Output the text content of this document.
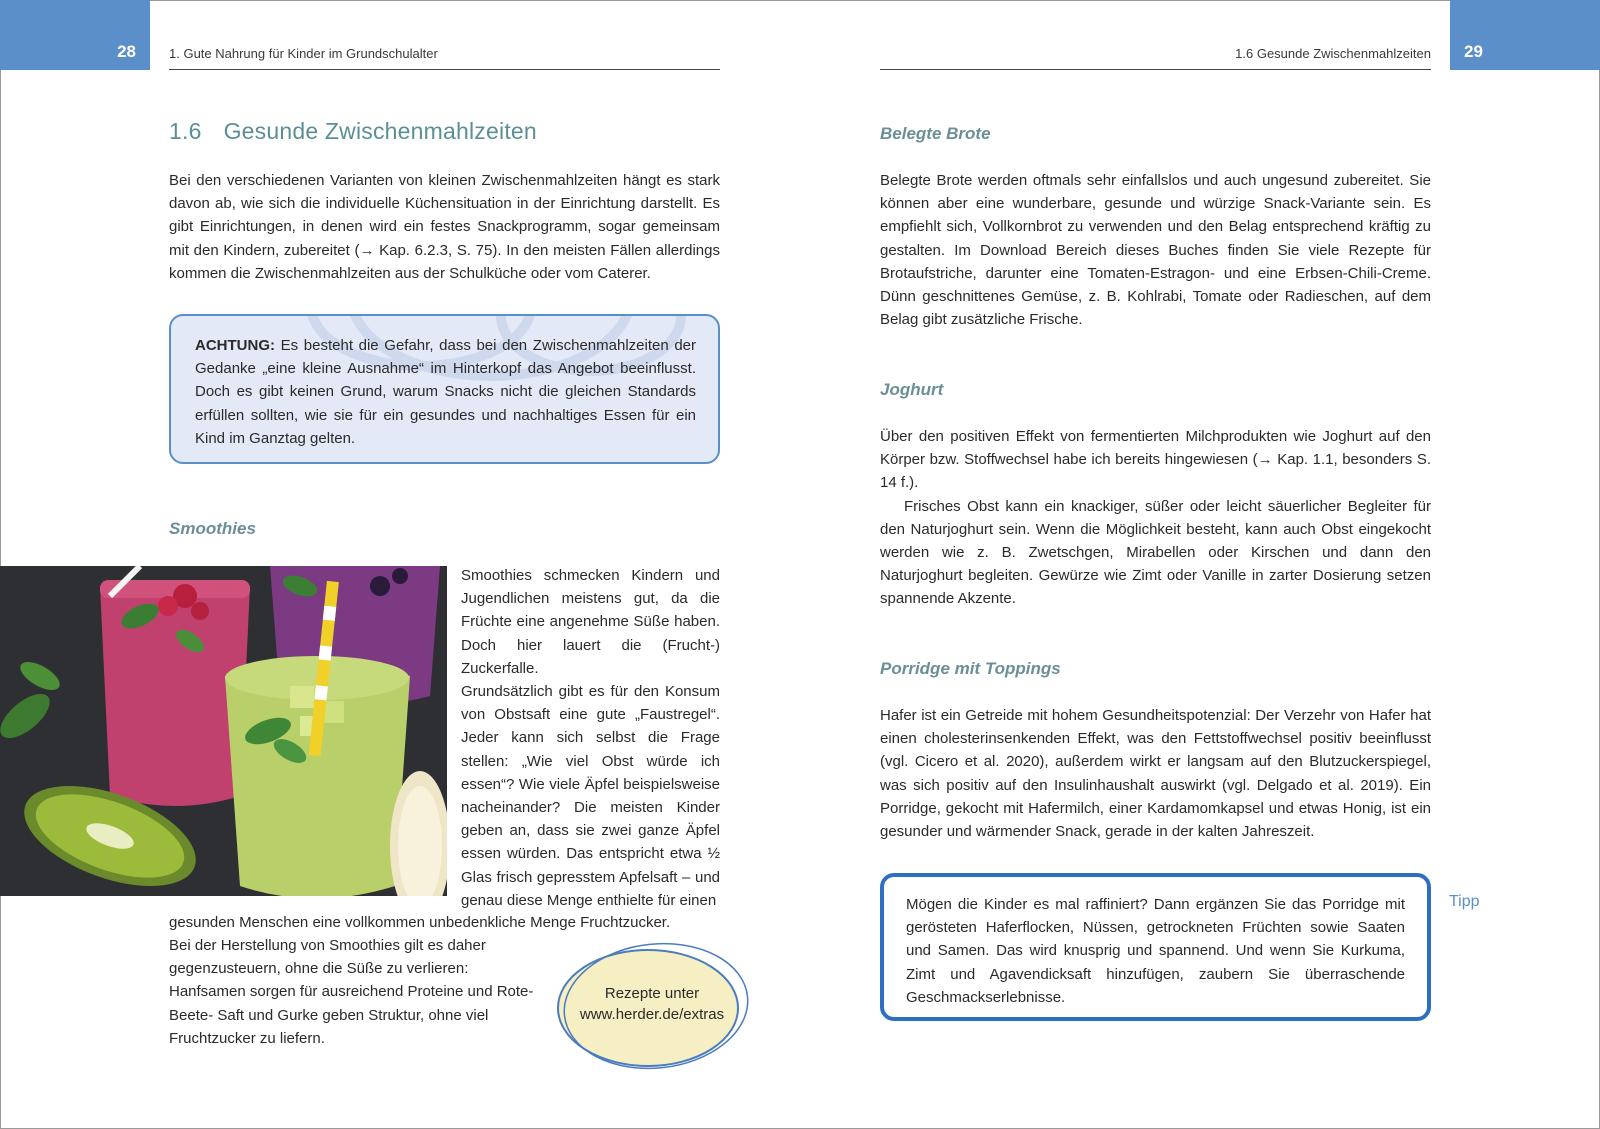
28	1. Gute Nahrung für Kinder im Grundschulalter
1.6 Gesunde Zwischenmahlzeiten

Bei den verschiedenen Varianten von kleinen Zwischenmahlzeiten hängt es stark davon ab, wie sich die individuelle Küchensituation in der Einrichtung darstellt. Es gibt Einrichtungen, in denen wird ein festes Snackprogramm, sogar gemeinsam mit den Kindern, zubereitet (→ Kap. 6.2.3, S. 75). In den meisten Fällen allerdings kommen die Zwischenmahlzeiten aus der Schulküche oder vom Caterer.

ACHTUNG: Es besteht die Gefahr, dass bei den Zwischenmahlzeiten der Gedanke „eine kleine Ausnahme“ im Hinterkopf das Angebot beeinflusst. Doch es gibt keinen Grund, warum Snacks nicht die gleichen Standards erfüllen sollten, wie sie für ein gesundes und nachhaltiges Essen für ein Kind im Ganztag gelten.
Smoothies

Smoothies schmecken Kindern und Jugendlichen meistens gut, da die Früchte eine angenehme Süße haben. Doch hier lauert die (Frucht-) Zuckerfalle.

Grundsätzlich gibt es für den Konsum von Obstsaft eine gute „Faustregel“. Jeder kann sich selbst die Frage stellen: „Wie viel Obst würde ich essen“? Wie viele Äpfel beispielsweise nacheinander? Die meisten Kinder geben an, dass sie zwei ganze Äpfel essen würden. Das entspricht etwa ½ Glas frisch gepresstem Apfelsaft – und genau diese Menge enthielte für einen

gesunden Menschen eine vollkommen unbedenkliche Menge Fruchtzucker.

Bei der Herstellung von Smoothies gilt es daher gegenzusteuern, ohne die Süße zu verlieren: Hanfsamen sorgen für ausreichend Proteine und Rote-Beete- Saft und Gurke geben Struktur, ohne viel Fruchtzucker zu liefern.

Rezepte unter
www.herder.de/extras
29
1.6 Gesunde Zwischenmahlzeiten
Belegte Brote

Belegte Brote werden oftmals sehr einfallslos und auch ungesund zubereitet. Sie können aber eine wunderbare, gesunde und würzige Snack-Variante sein. Es empfiehlt sich, Vollkornbrot zu verwenden und den Belag entsprechend kräftig zu gestalten. Im Download Bereich dieses Buches finden Sie viele Rezepte für Brotaufstriche, darunter eine Tomaten-Estragon- und eine Erbsen-Chili-Creme. Dünn geschnittenes Gemüse, z. B. Kohlrabi, Tomate oder Radieschen, auf dem Belag gibt zusätzliche Frische.

Joghurt

Über den positiven Effekt von fermentierten Milchprodukten wie Joghurt auf den Körper bzw. Stoffwechsel habe ich bereits hingewiesen (→ Kap. 1.1, besonders S. 14 f.).

Frisches Obst kann ein knackiger, süßer oder leicht säuerlicher Begleiter für den Naturjoghurt sein. Wenn die Möglichkeit besteht, kann auch Obst eingekocht werden wie z. B. Zwetschgen, Mirabellen oder Kirschen und dann den Naturjoghurt begleiten. Gewürze wie Zimt oder Vanille in zarter Dosierung setzen spannende Akzente.

Porridge mit Toppings

Hafer ist ein Getreide mit hohem Gesundheitspotenzial: Der Verzehr von Hafer hat einen cholesterinsenkenden Effekt, was den Fettstoffwechsel positiv beeinflusst (vgl. Cicero et al. 2020), außerdem wirkt er langsam auf den Blutzuckerspiegel, was sich positiv auf den Insulinhaushalt auswirkt (vgl. Delgado et al. 2019). Ein Porridge, gekocht mit Hafermilch, einer Kardamomkapsel und etwas Honig, ist ein gesunder und wärmender Snack, gerade in der kalten Jahreszeit.

Mögen die Kinder es mal raffiniert? Dann ergänzen Sie das Porridge mit gerösteten Haferflocken, Nüssen, getrockneten Früchten sowie Saaten und Samen. Das wird knusprig und spannend. Und wenn Sie Kurkuma, Zimt und Agavendicksaft hinzufügen, zaubern Sie überraschende Geschmackserlebnisse.

Tipp
